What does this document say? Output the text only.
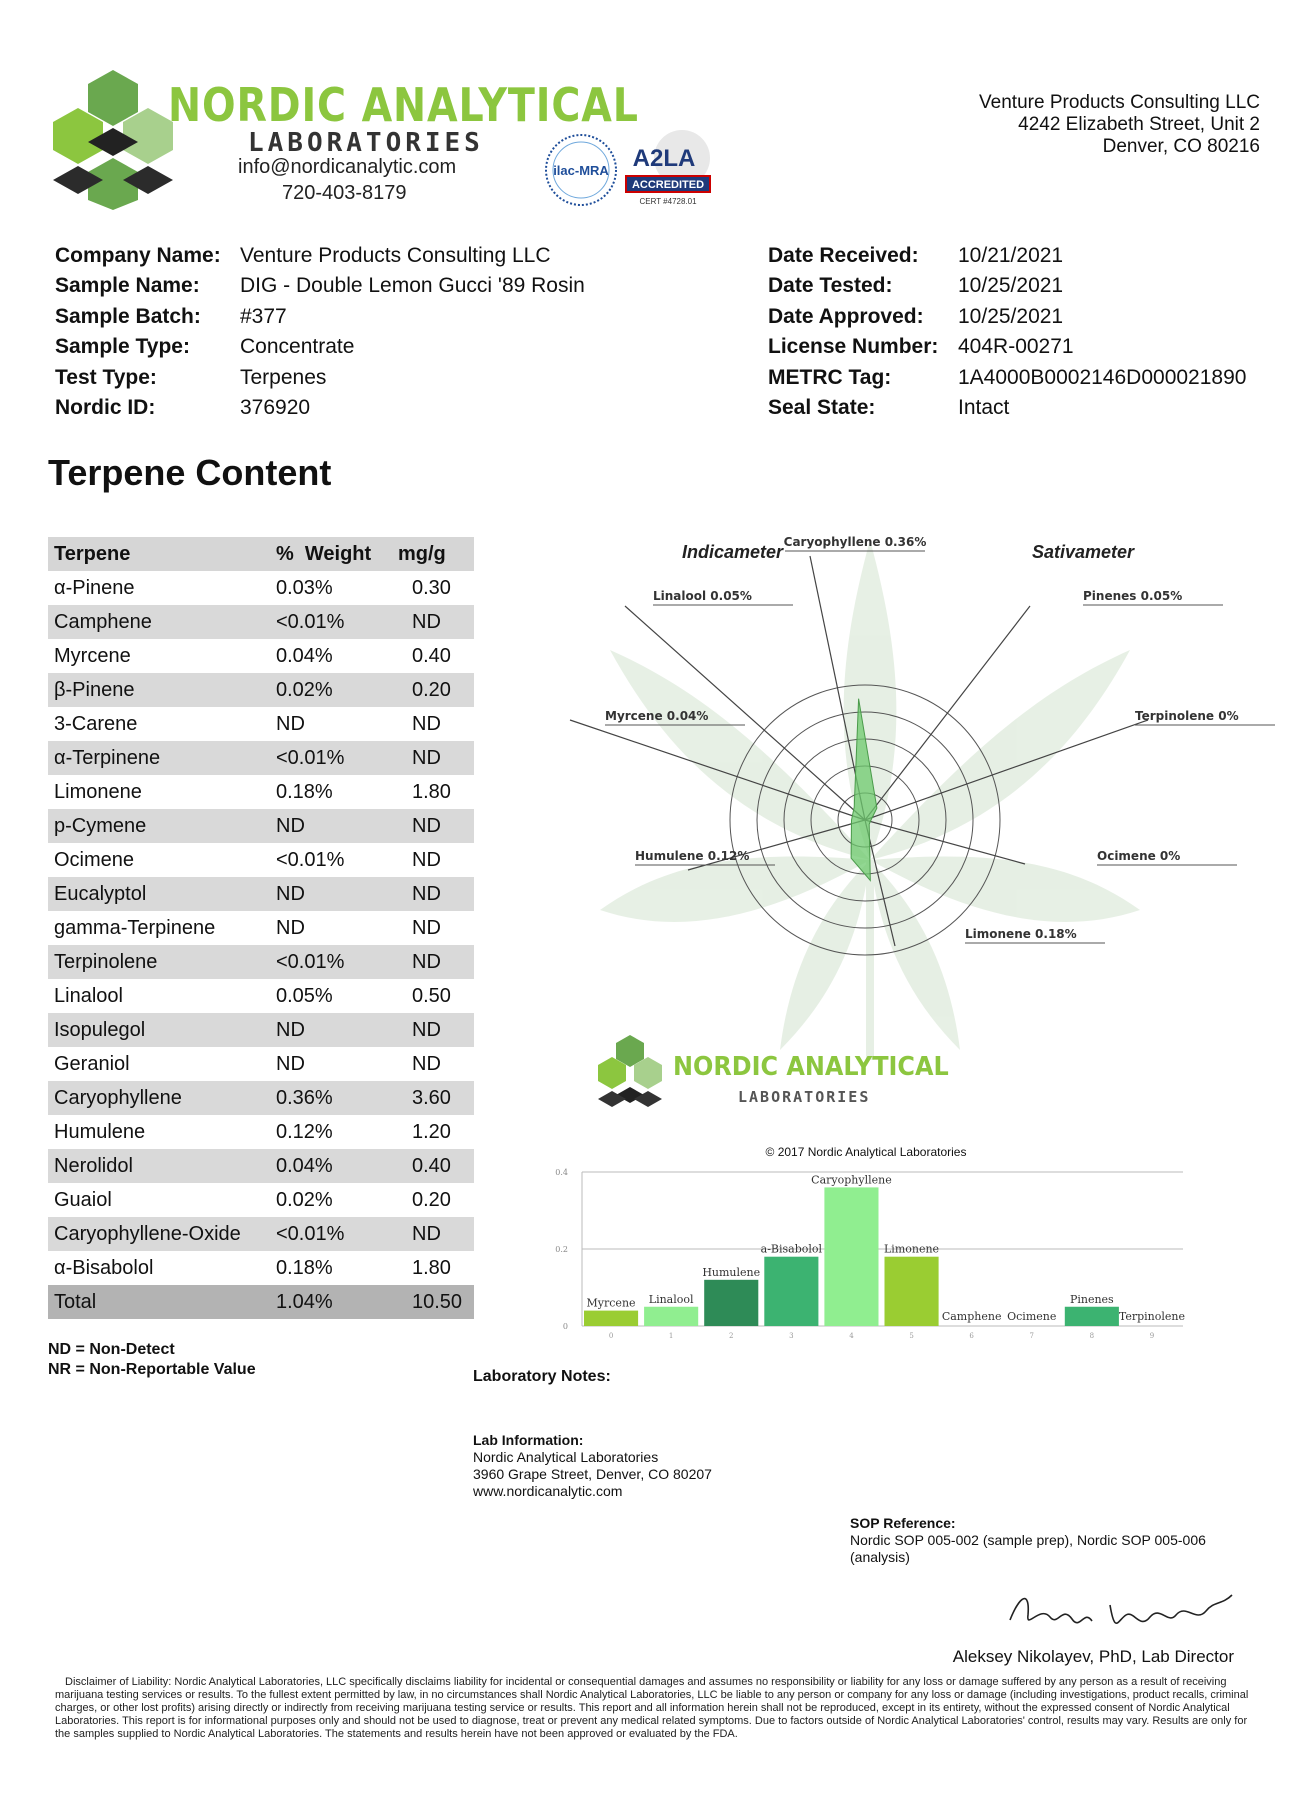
NORDIC ANALYTICAL
LABORATORIES
info@nordicanalytic.com
720-403-8179
ilac-MRA A2LA
ACCREDITED
CERT #4728.01
Venture Products Consulting LLC
4242 Elizabeth Street, Unit 2
Denver, CO 80216
Company Name: Venture Products Consulting LLC
Sample Name: DIG - Double Lemon Gucci '89 Rosin
Sample Batch: #377
Sample Type: Concentrate
Test Type:	Terpenes
Nordic ID:	376920
Date Received: 10/21/2021
Date Tested:	10/25/2021
Date Approved: 10/25/2021
License Number: 404R-00271
METRC Tag:	1A4000B0002146D000021890
Seal State:	Intact
Terpene Content
Terpene	%  Weight	mg/g
α-Pinene	0.03%	0.30
Camphene	<0.01%	ND
Myrcene	0.04%	0.40
β-Pinene	0.02%	0.20
3-Carene	ND	ND
α-Terpinene	<0.01%	ND
Limonene	0.18%	1.80
p-Cymene	ND	ND
Ocimene	<0.01%	ND
Eucalyptol	ND	ND
gamma-Terpinene	ND	ND
Terpinolene	<0.01%	ND
Linalool	0.05%	0.50
Isopulegol	ND	ND
Geraniol	ND	ND
Caryophyllene	0.36%	3.60
Humulene	0.12%	1.20
Nerolidol	0.04%	0.40
Guaiol	0.02%	0.20
Caryophyllene-Oxide	<0.01%	ND
α-Bisabolol	0.18%	1.80
Total	1.04%	10.50
ND = Non-Detect
NR = Non-Reportable Value
Indicameter	Sativameter
Caryophyllene 0.36%
Pinenes 0.05%
Terpinolene 0%
Ocimene 0%
Limonene 0.18%
Humulene 0.12%
Myrcene 0.04%
Linalool 0.05%
NORDIC ANALYTICAL
LABORATORIES
© 2017 Nordic Analytical Laboratories
0
0.2
0.4
Myrcene
0
Linalool
1
Humulene
2
a-Bisabolol
3
Caryophyllene
4
Limonene
5
Camphene
6
Ocimene
7
Pinenes
8
Terpinolene
9
Laboratory Notes:
Lab Information:
Nordic Analytical Laboratories
3960 Grape Street, Denver, CO 80207
www.nordicanalytic.com
SOP Reference:
Nordic SOP 005-002 (sample prep), Nordic SOP 005-006 (analysis)
Aleksey Nikolayev, PhD, Lab Director
Disclaimer of Liability: Nordic Analytical Laboratories, LLC specifically disclaims liability for incidental or consequential damages and assumes no responsibility or liability for any loss or damage suffered by any person as a result of receiving marijuana testing services or results. To the fullest extent permitted by law, in no circumstances shall Nordic Analytical Laboratories, LLC be liable to any person or company for any loss or damage (including investigations, product recalls, criminal charges, or other lost profits) arising directly or indirectly from receiving marijuana testing service or results. This report and all information herein shall not be reproduced, except in its entirety, without the expressed consent of Nordic Analytical Laboratories. This report is for informational purposes only and should not be used to diagnose, treat or prevent any medical related symptoms. Due to factors outside of Nordic Analytical Laboratories' control, results may vary. Results are only for the samples supplied to Nordic Analytical Laboratories. The statements and results herein have not been approved or evaluated by the FDA.
